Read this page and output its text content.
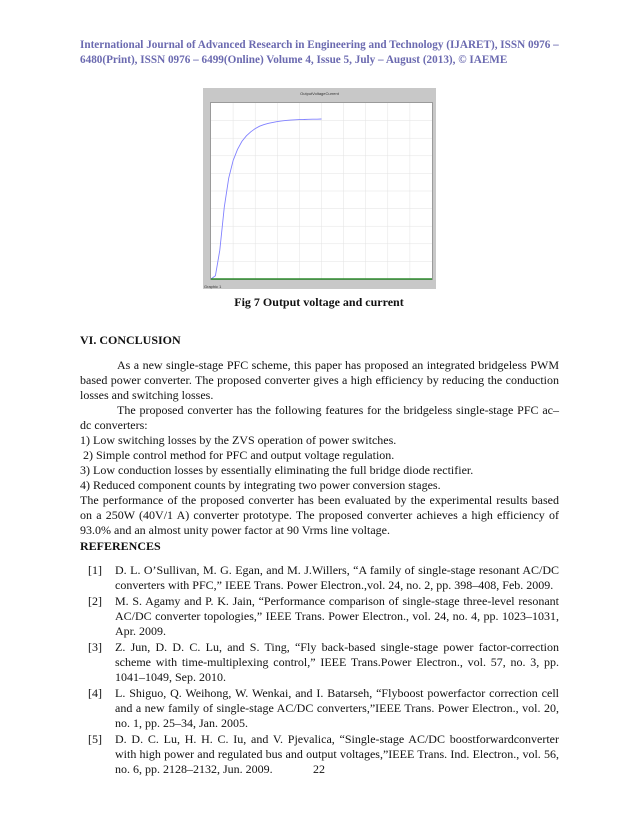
International Journal of Advanced Research in Engineering and Technology (IJARET), ISSN 0976 –
6480(Print), ISSN 0976 – 6499(Online) Volume 4, Issue 5, July – August (2013), © IAEME
OutputVoltageCurrent
Graphic 1
Fig 7 Output voltage and current
VI. CONCLUSION

As a new single-stage PFC scheme, this paper has proposed an integrated bridgeless PWM based power converter. The proposed converter gives a high efficiency by reducing the conduction losses and switching losses.

The proposed converter has the following features for the bridgeless single-stage PFC ac–dc converters:

1) Low switching losses by the ZVS operation of power switches.

2) Simple control method for PFC and output voltage regulation.

3) Low conduction losses by essentially eliminating the full bridge diode rectifier.

4) Reduced component counts by integrating two power conversion stages.

The performance of the proposed converter has been evaluated by the experimental results based on a 250W (40V/1 A) converter prototype. The proposed converter achieves a high efficiency of 93.0% and an almost unity power factor at 90 Vrms line voltage.

REFERENCES
[1] D. L. O’Sullivan, M. G. Egan, and M. J.Willers, “A family of single-stage resonant AC/DC converters with PFC,” IEEE Trans. Power Electron.,vol. 24, no. 2, pp. 398–408, Feb. 2009.
[2] M. S. Agamy and P. K. Jain, “Performance comparison of single-stage three-level resonant AC/DC converter topologies,” IEEE Trans. Power Electron., vol. 24, no. 4, pp. 1023–1031, Apr. 2009.
[3] Z. Jun, D. D. C. Lu, and S. Ting, “Fly back-based single-stage power factor-correction scheme with time-multiplexing control,” IEEE Trans.Power Electron., vol. 57, no. 3, pp. 1041–1049, Sep. 2010.
[4] L. Shiguo, Q. Weihong, W. Wenkai, and I. Batarseh, “Flyboost powerfactor correction cell and a new family of single-stage AC/DC converters,”IEEE Trans. Power Electron., vol. 20, no. 1, pp. 25–34, Jan. 2005.
[5] D. D. C. Lu, H. H. C. Iu, and V. Pjevalica, “Single-stage AC/DC boostforwardconverter with high power and regulated bus and output voltages,”IEEE Trans. Ind. Electron., vol. 56, no. 6, pp. 2128–2132, Jun. 2009.	22
